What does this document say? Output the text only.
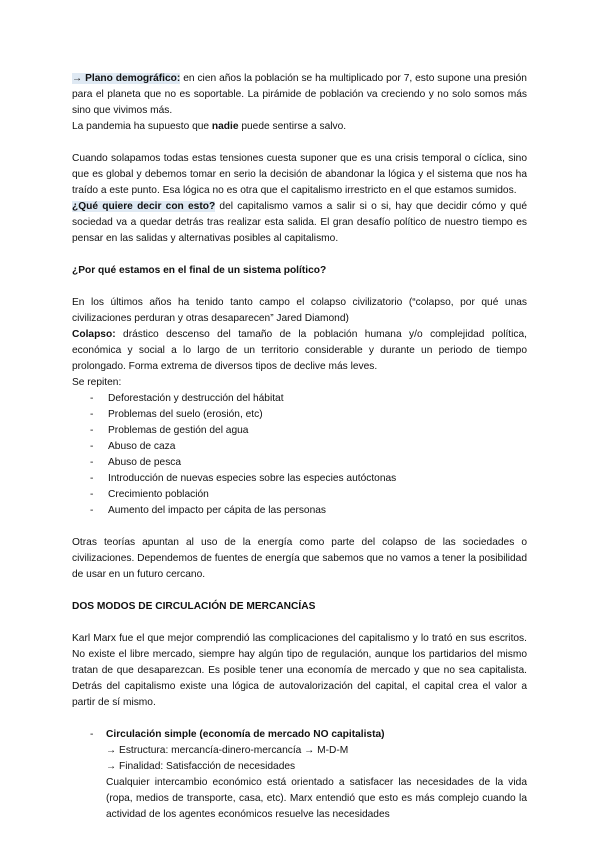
→ Plano demográfico: en cien años la población se ha multiplicado por 7, esto supone una presión para el planeta que no es soportable. La pirámide de población va creciendo y no solo somos más sino que vivimos más.

La pandemia ha supuesto que nadie puede sentirse a salvo.

Cuando solapamos todas estas tensiones cuesta suponer que es una crisis temporal o cíclica, sino que es global y debemos tomar en serio la decisión de abandonar la lógica y el sistema que nos ha traído a este punto. Esa lógica no es otra que el capitalismo irrestricto en el que estamos sumidos.

¿Qué quiere decir con esto? del capitalismo vamos a salir si o si, hay que decidir cómo y qué sociedad va a quedar detrás tras realizar esta salida. El gran desafío político de nuestro tiempo es pensar en las salidas y alternativas posibles al capitalismo.

¿Por qué estamos en el final de un sistema político?

En los últimos años ha tenido tanto campo el colapso civilizatorio (“colapso, por qué unas civilizaciones perduran y otras desaparecen” Jared Diamond)

Colapso: drástico descenso del tamaño de la población humana y/o complejidad política, económica y social a lo largo de un territorio considerable y durante un periodo de tiempo prolongado. Forma extrema de diversos tipos de declive más leves.

Se repiten:

- Deforestación y destrucción del hábitat
- Problemas del suelo (erosión, etc)
- Problemas de gestión del agua
- Abuso de caza
- Abuso de pesca
- Introducción de nuevas especies sobre las especies autóctonas
- Crecimiento población
- Aumento del impacto per cápita de las personas

Otras teorías apuntan al uso de la energía como parte del colapso de las sociedades o civilizaciones. Dependemos de fuentes de energía que sabemos que no vamos a tener la posibilidad de usar en un futuro cercano.

DOS MODOS DE CIRCULACIÓN DE MERCANCÍAS

Karl Marx fue el que mejor comprendió las complicaciones del capitalismo y lo trató en sus escritos. No existe el libre mercado, siempre hay algún tipo de regulación, aunque los partidarios del mismo tratan de que desaparezcan. Es posible tener una economía de mercado y que no sea capitalista. Detrás del capitalismo existe una lógica de autovalorización del capital, el capital crea el valor a partir de sí mismo.

- Circulación simple (economía de mercado NO capitalista)

→ Estructura: mercancía-dinero-mercancía → M-D-M

→ Finalidad: Satisfacción de necesidades

Cualquier intercambio económico está orientado a satisfacer las necesidades de la vida (ropa, medios de transporte, casa, etc). Marx entendió que esto es más complejo cuando la actividad de los agentes económicos resuelve las necesidades
